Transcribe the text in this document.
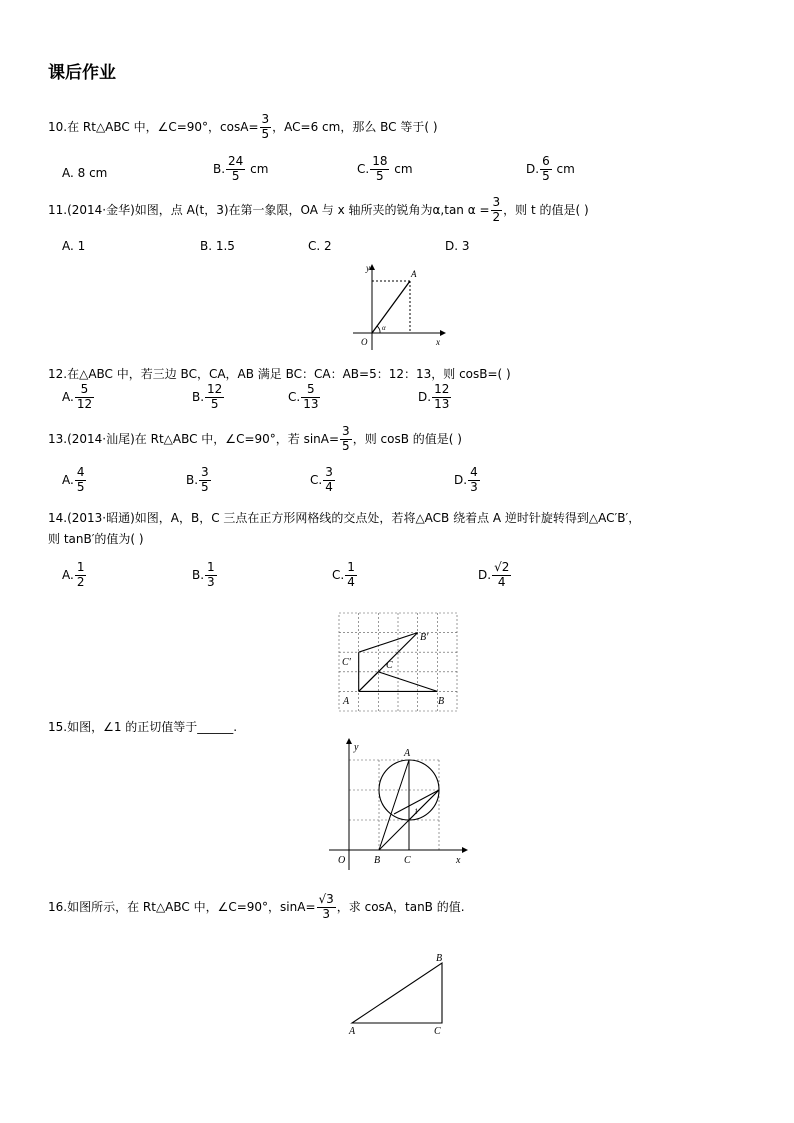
课后作业
10.在 Rt△ABC 中，∠C=90°，$\cos A= \frac{3}{5}$ ，AC=6 cm，那么 BC 等于( )
A. 8 cm	B. $\frac{24}{5}$ cm	C. $\frac{18}{5}$ cm	D. $\frac{6}{5}$ cm
11.(2014·金华)如图，点 A(t，3)在第一象限，OA 与 x 轴所夹的锐角为α,tan $\alpha = \frac{3}{2}$ ，则 t 的值是( )
A. 1	B. 1.5	C. 2	D. 3
y
A
O	x
α
12.在△ABC 中，若三边 BC，CA，AB 满足 BC：CA：AB=5：12：13，则 cosB=( )
A. $\frac{5}{12}$	B. $\frac{12}{5}$	C. $\frac{5}{13}$	D. $\frac{12}{13}$
13.(2014·汕尾)在 Rt△ABC 中，∠C=90°，若 $\sin A= \frac{3}{5}$ ，则 cosB 的值是( )
A. $\frac{4}{5}$	B. $\frac{3}{5}$	C. $\frac{3}{4}$	D. $\frac{4}{3}$
14.(2013·昭通)如图，A，B，C 三点在正方形网格线的交点处，若将△ACB 绕着点 A 逆时针旋转得到△AC′B′，
则 tanB′的值为( )
A. $\frac{1}{2}$	B. $\frac{1}{3}$	C. $\frac{1}{4}$	D. $\frac{√2}{4}$
B′
C′	C
A	B
15.如图，∠1 的正切值等于______.
y
A
1
O	B C	x
16.如图所示，在 Rt△ABC 中，∠C=90°，$\sin A= \frac{√3}{3}$ ，求 cosA，tanB 的值.
A
B
C
